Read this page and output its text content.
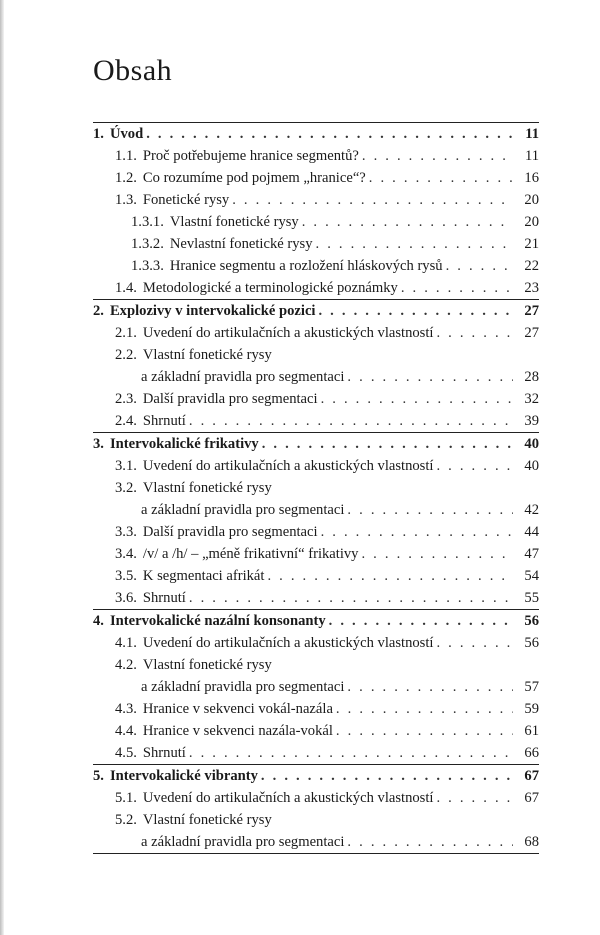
Obsah
1. Úvod . . .	11
1.1. Proč potřebujeme hranice segmentů? . . .	11
1.2. Co rozumíme pod pojmem „hranice“? . . .	16
1.3. Fonetické rysy . . .	20
1.3.1. Vlastní fonetické rysy . . .	20
1.3.2. Nevlastní fonetické rysy . . .	21
1.3.3. Hranice segmentu a rozložení hláskových rysů . . .	22
1.4. Metodologické a terminologické poznámky . . .	23
2. Explozivy v intervokalické pozici . . .	27
2.1. Uvedení do artikulačních a akustických vlastností . . .	27
2.2. Vlastní fonetické rysy
a základní pravidla pro segmentaci . . .	28
2.3. Další pravidla pro segmentaci . . .	32
2.4. Shrnutí . . .	39
3. Intervokalické frikativy . . .	40
3.1. Uvedení do artikulačních a akustických vlastností . . .	40
3.2. Vlastní fonetické rysy
a základní pravidla pro segmentaci . . .	42
3.3. Další pravidla pro segmentaci . . .	44
3.4. /v/ a /h/ – „méně frikativní“ frikativy . . .	47
3.5. K segmentaci afrikát . . .	54
3.6. Shrnutí . . .	55
4. Intervokalické nazální konsonanty . . .	56
4.1. Uvedení do artikulačních a akustických vlastností . . .	56
4.2. Vlastní fonetické rysy
a základní pravidla pro segmentaci . . .	57
4.3. Hranice v sekvenci vokál-nazála . . .	59
4.4. Hranice v sekvenci nazála-vokál . . .	61
4.5. Shrnutí . . .	66
5. Intervokalické vibranty . . .	67
5.1. Uvedení do artikulačních a akustických vlastností . . .	67
5.2. Vlastní fonetické rysy
a základní pravidla pro segmentaci . . .	68
